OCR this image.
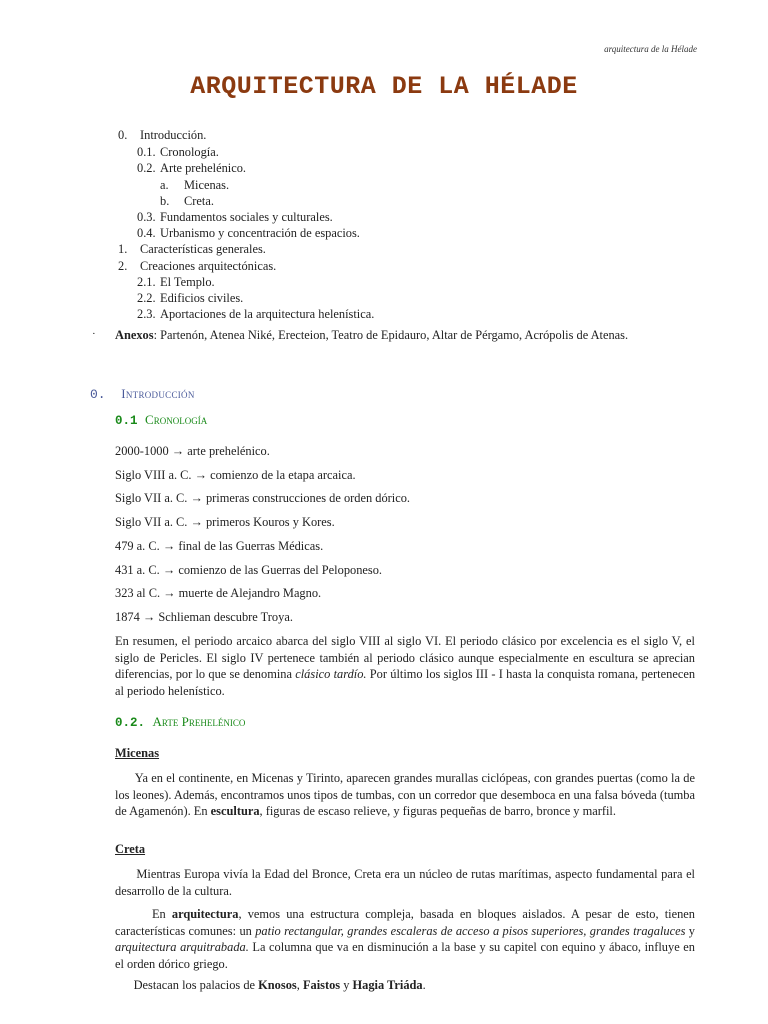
arquitectura de la Hélade
ARQUITECTURA DE LA HÉLADE
0. Introducción.
0.1. Cronología.
0.2. Arte prehelénico.
a. Micenas.
b. Creta.
0.3. Fundamentos sociales y culturales.
0.4. Urbanismo y concentración de espacios.
1. Características generales.
2. Creaciones arquitectónicas.
2.1. El Templo.
2.2. Edificios civiles.
2.3. Aportaciones de la arquitectura helenística.
· Anexos: Partenón, Atenea Niké, Erecteion, Teatro de Epidauro, Altar de Pérgamo, Acrópolis de Atenas.
0. Introducción
0.1 Cronología
2000-1000 → arte prehelénico.
Siglo VIII a. C. → comienzo de la etapa arcaica.
Siglo VII a. C. → primeras construcciones de orden dórico.
Siglo VII a. C. → primeros Kouros y Kores.
479 a. C. → final de las Guerras Médicas.
431 a. C. → comienzo de las Guerras del Peloponeso.
323 al C. → muerte de Alejandro Magno.
1874 → Schlieman descubre Troya.
En resumen, el periodo arcaico abarca del siglo VIII al siglo VI. El periodo clásico por excelencia es el siglo V, el siglo de Pericles. El siglo IV pertenece también al periodo clásico aunque especialmente en escultura se aprecian diferencias, por lo que se denomina clásico tardío. Por último los siglos III - I hasta la conquista romana, pertenecen al periodo helenístico.
0.2. Arte Prehelénico
Micenas
Ya en el continente, en Micenas y Tirinto, aparecen grandes murallas ciclópeas, con grandes puertas (como la de los leones). Además, encontramos unos tipos de tumbas, con un corredor que desemboca en una falsa bóveda (tumba de Agamenón). En escultura, figuras de escaso relieve, y figuras pequeñas de barro, bronce y marfil.
Creta
Mientras Europa vivía la Edad del Bronce, Creta era un núcleo de rutas marítimas, aspecto fundamental para el desarrollo de la cultura.
En arquitectura, vemos una estructura compleja, basada en bloques aislados. A pesar de esto, tienen características comunes: un patio rectangular, grandes escaleras de acceso a pisos superiores, grandes tragaluces y arquitectura arquitrabada. La columna que va en disminución a la base y su capitel con equino y ábaco, influye en el orden dórico griego.
Destacan los palacios de Knosos, Faistos y Hagia Triáda.
